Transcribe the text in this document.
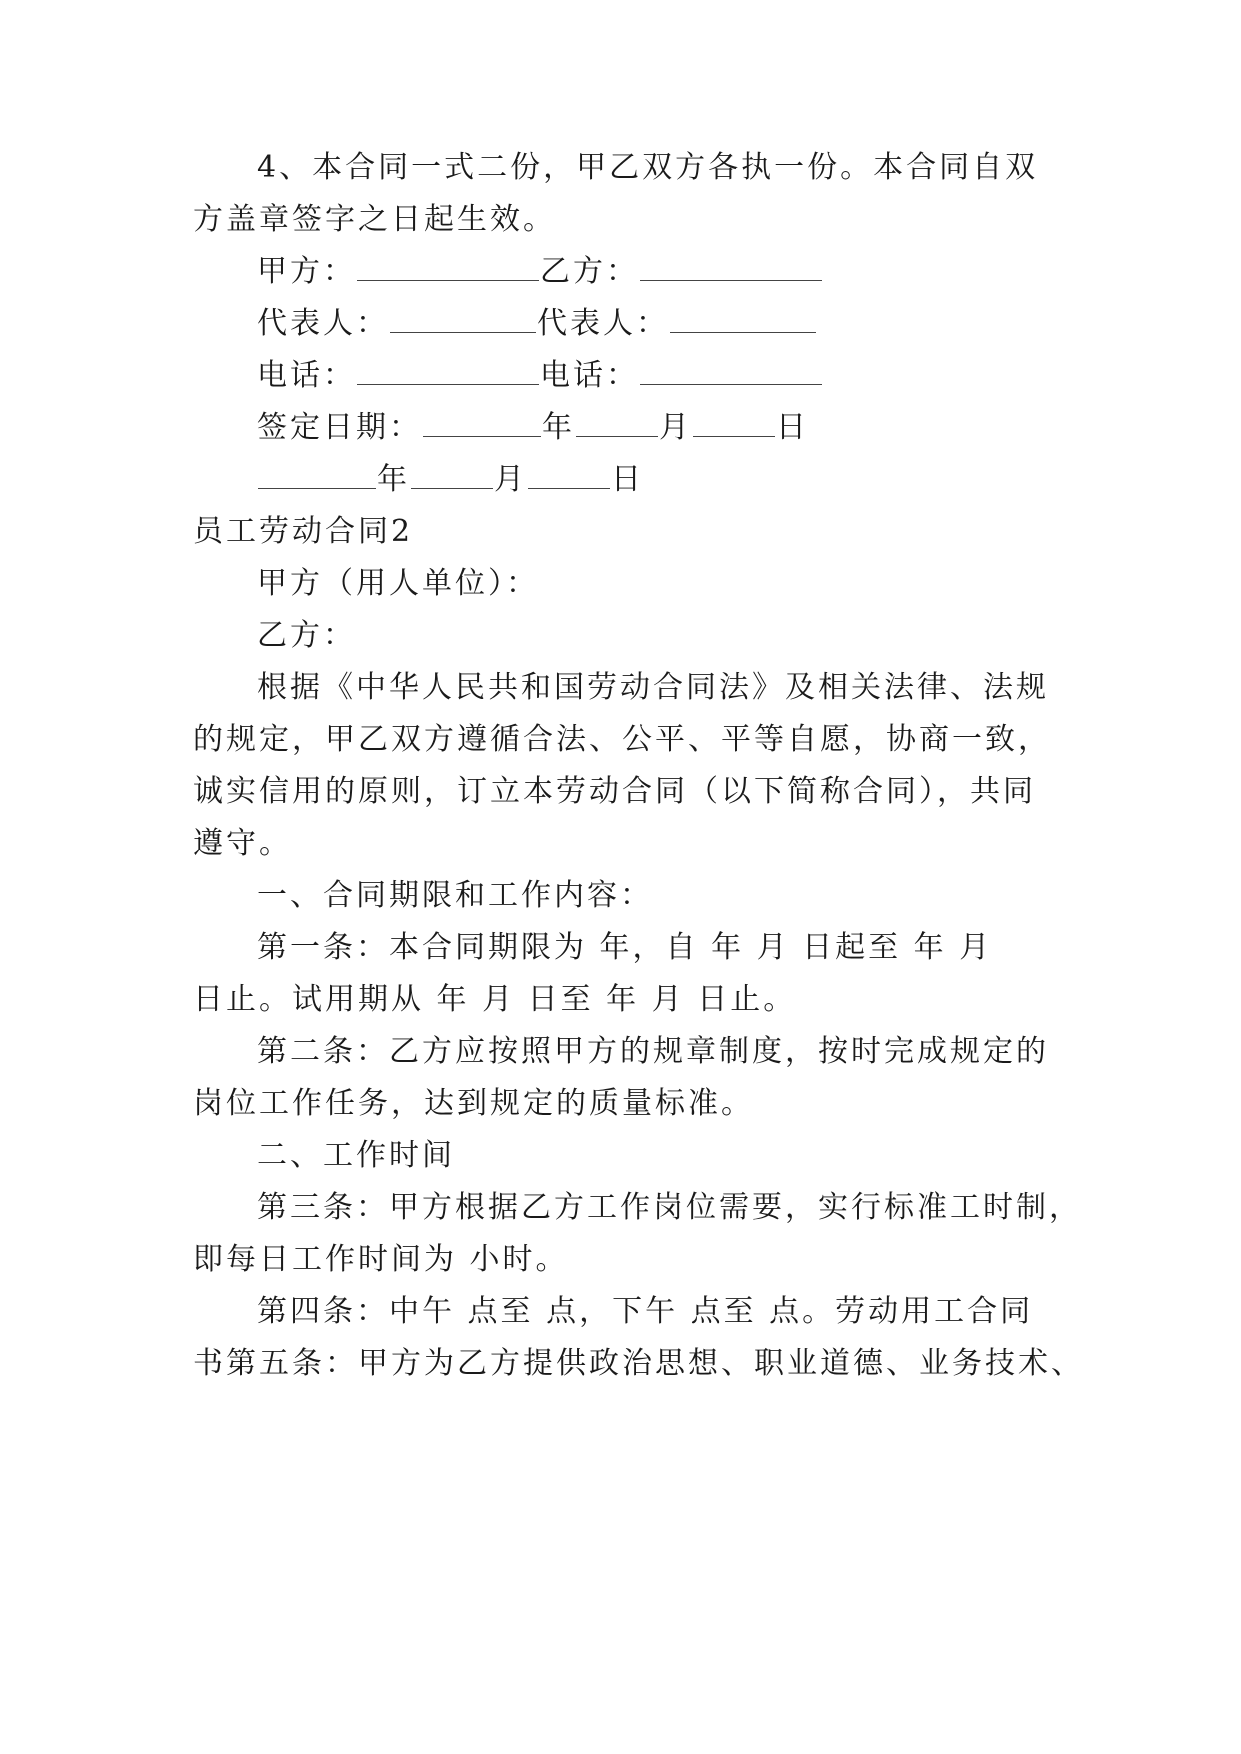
4、本合同一式二份，甲乙双方各执一份。本合同自双
方盖章签字之日起生效。
甲方：	乙方：
代表人：	代表人：
电话：	电话：
签定日期：	年	月	日
年	月	日
员工劳动合同2
甲方（用人单位）：
乙方：
根据《中华人民共和国劳动合同法》及相关法律、法规
的规定，甲乙双方遵循合法、公平、平等自愿，协商一致，
诚实信用的原则，订立本劳动合同（以下简称合同），共同
遵守。
一、合同期限和工作内容：
第一条：本合同期限为 年，自 年 月 日起至 年 月
日止。试用期从 年 月 日至 年 月 日止。
第二条：乙方应按照甲方的规章制度，按时完成规定的
岗位工作任务，达到规定的质量标准。
二、工作时间
第三条：甲方根据乙方工作岗位需要，实行标准工时制，
即每日工作时间为 小时。
第四条：中午 点至 点，下午 点至 点。劳动用工合同
书第五条：甲方为乙方提供政治思想、职业道德、业务技术、
